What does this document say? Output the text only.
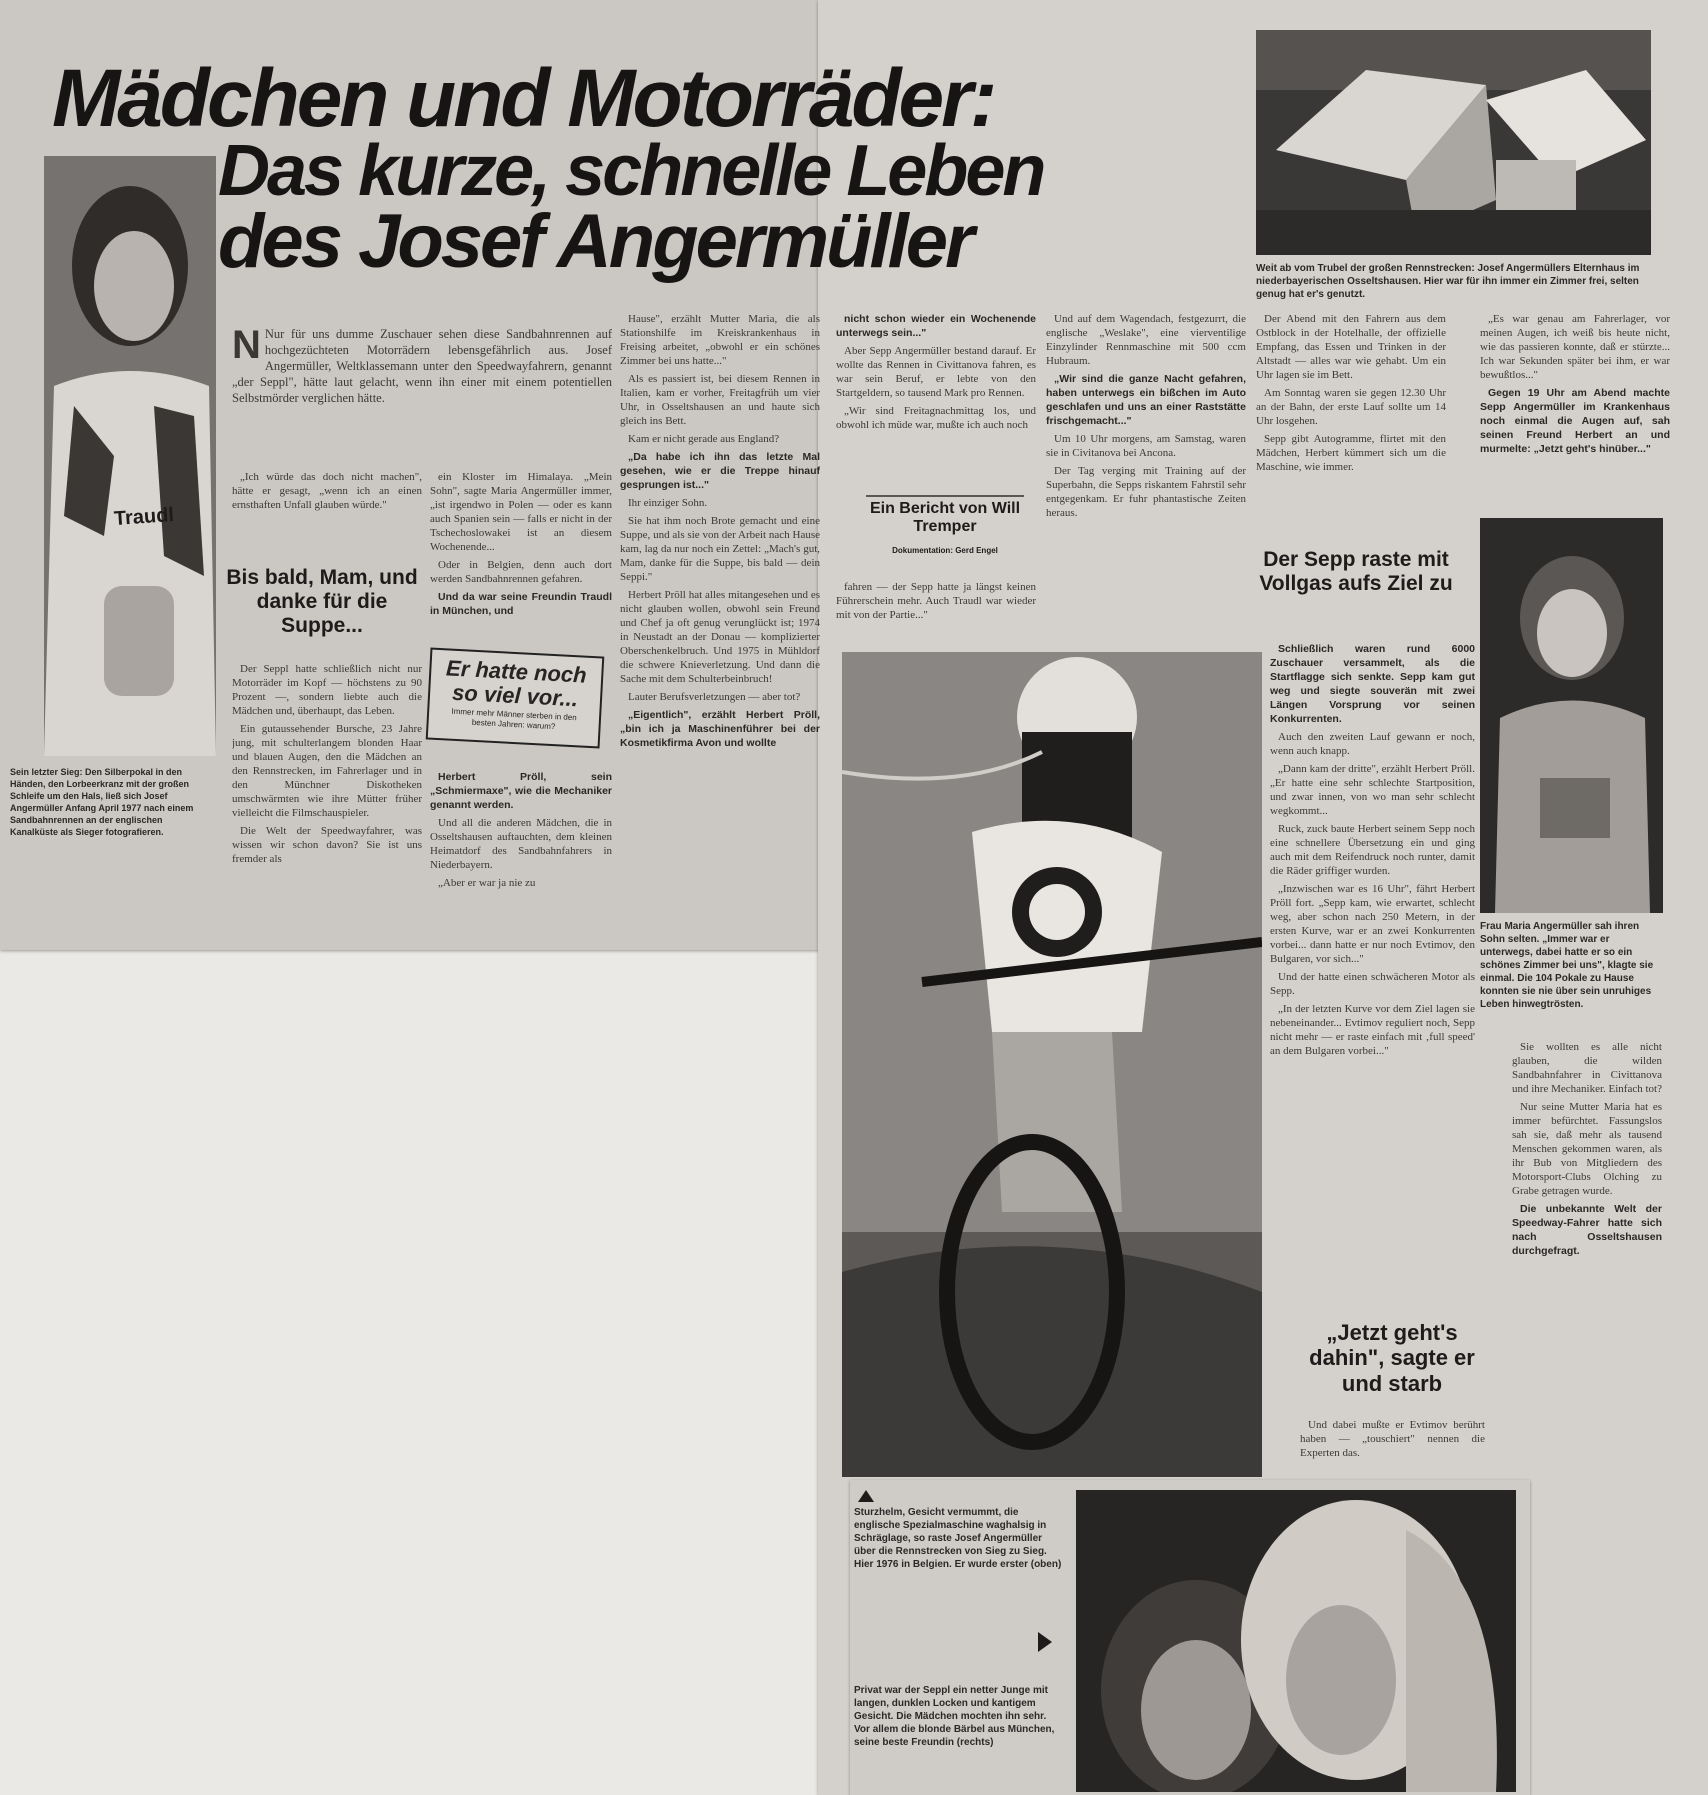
Mädchen und Motorräder:
Das kurze, schnelle Leben
des Josef Angermüller
Traudl
Sein letzter Sieg: Den Silberpokal in den Händen, den Lorbeerkranz mit der großen Schleife um den Hals, ließ sich Josef Angermüller Anfang April 1977 nach einem Sandbahnrennen an der englischen Kanalküste als Sieger fotografieren.
Weit ab vom Trubel der großen Rennstrecken: Josef Angermüllers Elternhaus im niederbayerischen Osseltshausen. Hier war für ihn immer ein Zimmer frei, selten genug hat er's genutzt.

N Nur für uns dumme Zuschauer sehen diese Sandbahnrennen auf hochgezüchteten Motorrädern lebensgefährlich aus. Josef Angermüller, Weltklassemann unter den Speedwayfahrern, genannt „der Seppl", hätte laut gelacht, wenn ihn einer mit einem potentiellen Selbstmörder verglichen hätte.

„Ich würde das doch nicht machen", hätte er gesagt, „wenn ich an einen ernsthaften Unfall glauben würde."

Bis bald, Mam, und danke für die Suppe...

Der Seppl hatte schließlich nicht nur Motorräder im Kopf — höchstens zu 90 Prozent —, sondern liebte auch die Mädchen und, überhaupt, das Leben.

Ein gutaussehender Bursche, 23 Jahre jung, mit schulterlangem blonden Haar und blauen Augen, den die Mädchen an den Rennstrecken, im Fahrerlager und in den Münchner Diskotheken umschwärmten wie ihre Mütter früher vielleicht die Filmschauspieler.

Die Welt der Speedwayfahrer, was wissen wir schon davon? Sie ist uns fremder als

ein Kloster im Himalaya. „Mein Sohn", sagte Maria Angermüller immer, „ist irgendwo in Polen — oder es kann auch Spanien sein — falls er nicht in der Tschechoslowakei ist an diesem Wochenende...

Oder in Belgien, denn auch dort werden Sandbahnrennen gefahren.

Und da war seine Freundin Traudl in München, und

Er hatte noch so viel vor...
Immer mehr Männer sterben in den besten Jahren: warum?

Herbert Pröll, sein „Schmiermaxe", wie die Mechaniker genannt werden.

Und all die anderen Mädchen, die in Osseltshausen auftauchten, dem kleinen Heimatdorf des Sandbahnfahrers in Niederbayern.

„Aber er war ja nie zu

Hause", erzählt Mutter Maria, die als Stationshilfe im Kreiskrankenhaus in Freising arbeitet, „obwohl er ein schönes Zimmer bei uns hatte..."

Als es passiert ist, bei diesem Rennen in Italien, kam er vorher, Freitagfrüh um vier Uhr, in Osseltshausen an und haute sich gleich ins Bett.

Kam er nicht gerade aus England?

„Da habe ich ihn das letzte Mal gesehen, wie er die Treppe hinauf gesprungen ist..."

Ihr einziger Sohn.

Sie hat ihm noch Brote gemacht und eine Suppe, und als sie von der Arbeit nach Hause kam, lag da nur noch ein Zettel: „Mach's gut, Mam, danke für die Suppe, bis bald — dein Seppi."

Herbert Pröll hat alles mitangesehen und es nicht glauben wollen, obwohl sein Freund und Chef ja oft genug verunglückt ist; 1974 in Neustadt an der Donau — komplizierter Oberschenkelbruch. Und 1975 in Mühldorf die schwere Knieverletzung. Und dann die Sache mit dem Schulterbeinbruch!

Lauter Berufsverletzungen — aber tot?

„Eigentlich", erzählt Herbert Pröll, „bin ich ja Maschinenführer bei der Kosmetikfirma Avon und wollte

nicht schon wieder ein Wochenende unterwegs sein..."

Aber Sepp Angermüller bestand darauf. Er wollte das Rennen in Civittanova fahren, es war sein Beruf, er lebte von den Startgeldern, so tausend Mark pro Rennen.

„Wir sind Freitagnachmittag los, und obwohl ich müde war, mußte ich auch noch

Ein Bericht von Will Tremper
Dokumentation: Gerd Engel

fahren — der Sepp hatte ja längst keinen Führerschein mehr. Auch Traudl war wieder mit von der Partie..."

Und auf dem Wagendach, festgezurrt, die englische „Weslake", eine vierventilige Einzylinder Rennmaschine mit 500 ccm Hubraum.

„Wir sind die ganze Nacht gefahren, haben unterwegs ein bißchen im Auto geschlafen und uns an einer Raststätte frischgemacht..."

Um 10 Uhr morgens, am Samstag, waren sie in Civitanova bei Ancona.

Der Tag verging mit Training auf der Superbahn, die Sepps riskantem Fahrstil sehr entgegenkam. Er fuhr phantastische Zeiten heraus.

Der Abend mit den Fahrern aus dem Ostblock in der Hotelhalle, der offizielle Empfang, das Essen und Trinken in der Altstadt — alles war wie gehabt. Um ein Uhr lagen sie im Bett.

Am Sonntag waren sie gegen 12.30 Uhr an der Bahn, der erste Lauf sollte um 14 Uhr losgehen.

Sepp gibt Autogramme, flirtet mit den Mädchen, Herbert kümmert sich um die Maschine, wie immer.

„Es war genau am Fahrerlager, vor meinen Augen, ich weiß bis heute nicht, wie das passieren konnte, daß er stürzte... Ich war Sekunden später bei ihm, er war bewußtlos..."

Gegen 19 Uhr am Abend machte Sepp Angermüller im Krankenhaus noch einmal die Augen auf, sah seinen Freund Herbert an und murmelte: „Jetzt geht's hinüber..."

Der Sepp raste mit Vollgas aufs Ziel zu

Schließlich waren rund 6000 Zuschauer versammelt, als die Startflagge sich senkte. Sepp kam gut weg und siegte souverän mit zwei Längen Vorsprung vor seinen Konkurrenten.

Auch den zweiten Lauf gewann er noch, wenn auch knapp.

„Dann kam der dritte", erzählt Herbert Pröll. „Er hatte eine sehr schlechte Startposition, und zwar innen, von wo man sehr schlecht wegkommt...

Ruck, zuck baute Herbert seinem Sepp noch eine schnellere Übersetzung ein und ging auch mit dem Reifendruck noch runter, damit die Räder griffiger wurden.

„Inzwischen war es 16 Uhr", fährt Herbert Pröll fort. „Sepp kam, wie erwartet, schlecht weg, aber schon nach 250 Metern, in der ersten Kurve, war er an zwei Konkurrenten vorbei... dann hatte er nur noch Evtimov, den Bulgaren, vor sich..."

Und der hatte einen schwächeren Motor als Sepp.

„In der letzten Kurve vor dem Ziel lagen sie nebeneinander... Evtimov reguliert noch, Sepp nicht mehr — er raste einfach mit ‚full speed' an dem Bulgaren vorbei..."

Frau Maria Angermüller sah ihren Sohn selten. „Immer war er unterwegs, dabei hatte er so ein schönes Zimmer bei uns", klagte sie einmal. Die 104 Pokale zu Hause konnten sie nie über sein unruhiges Leben hinwegtrösten.

Sie wollten es alle nicht glauben, die wilden Sandbahnfahrer in Civittanova und ihre Mechaniker. Einfach tot?

Nur seine Mutter Maria hat es immer befürchtet. Fassungslos sah sie, daß mehr als tausend Menschen gekommen waren, als ihr Bub von Mitgliedern des Motorsport-Clubs Olching zu Grabe getragen wurde.

Die unbekannte Welt der Speedway-Fahrer hatte sich nach Osseltshausen durchgefragt.

„Jetzt geht's dahin", sagte er und starb

Und dabei mußte er Evtimov berührt haben — „touschiert" nennen die Experten das.

Sturzhelm, Gesicht vermummt, die englische Spezialmaschine waghalsig in Schräglage, so raste Josef Angermüller über die Rennstrecken von Sieg zu Sieg. Hier 1976 in Belgien. Er wurde erster (oben)
Privat war der Seppl ein netter Junge mit langen, dunklen Locken und kantigem Gesicht. Die Mädchen mochten ihn sehr. Vor allem die blonde Bärbel aus München, seine beste Freundin (rechts)
